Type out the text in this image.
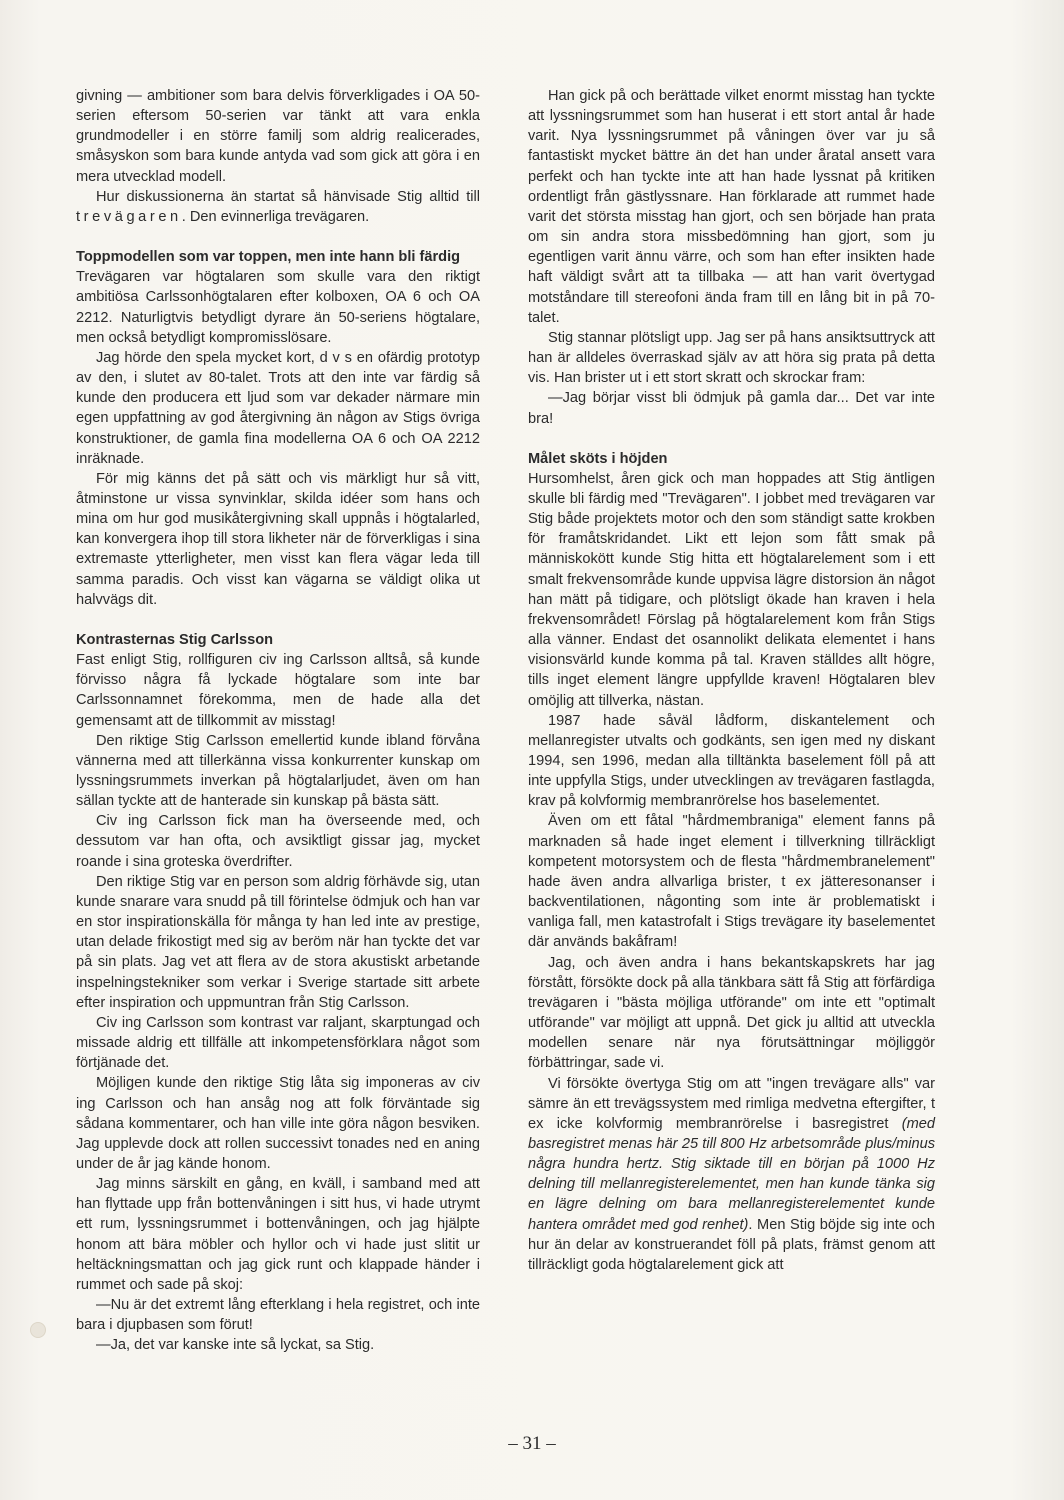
givning — ambitioner som bara delvis förverkligades i OA 50-serien eftersom 50-serien var tänkt att vara enkla grundmodeller i en större familj som aldrig realicerades, småsyskon som bara kunde antyda vad som gick att göra i en mera utvecklad modell.

Hur diskussionerna än startat så hänvisade Stig alltid till trevägaren. Den evinnerliga trevägaren.

Toppmodellen som var toppen, men inte hann bli färdig

Trevägaren var högtalaren som skulle vara den riktigt ambitiösa Carlssonhögtalaren efter kolboxen, OA 6 och OA 2212. Naturligtvis betydligt dyrare än 50-seriens högtalare, men också betydligt kompromisslösare.

Jag hörde den spela mycket kort, d v s en ofärdig prototyp av den, i slutet av 80-talet. Trots att den inte var färdig så kunde den producera ett ljud som var dekader närmare min egen uppfattning av god återgivning än någon av Stigs övriga konstruktioner, de gamla fina modellerna OA 6 och OA 2212 inräknade.

För mig känns det på sätt och vis märkligt hur så vitt, åtminstone ur vissa synvinklar, skilda idéer som hans och mina om hur god musikåtergivning skall uppnås i högtalarled, kan konvergera ihop till stora likheter när de förverkligas i sina extremaste ytterligheter, men visst kan flera vägar leda till samma paradis. Och visst kan vägarna se väldigt olika ut halvvägs dit.

Kontrasternas Stig Carlsson

Fast enligt Stig, rollfiguren civ ing Carlsson alltså, så kunde förvisso några få lyckade högtalare som inte bar Carlssonnamnet förekomma, men de hade alla det gemensamt att de tillkommit av misstag!

Den riktige Stig Carlsson emellertid kunde ibland förvåna vännerna med att tillerkänna vissa konkurrenter kunskap om lyssningsrummets inverkan på högtalarljudet, även om han sällan tyckte att de hanterade sin kunskap på bästa sätt.

Civ ing Carlsson fick man ha överseende med, och dessutom var han ofta, och avsiktligt gissar jag, mycket roande i sina groteska överdrifter.

Den riktige Stig var en person som aldrig förhävde sig, utan kunde snarare vara snudd på till förintelse ödmjuk och han var en stor inspirationskälla för många ty han led inte av prestige, utan delade frikostigt med sig av beröm när han tyckte det var på sin plats. Jag vet att flera av de stora akustiskt arbetande inspelningstekniker som verkar i Sverige startade sitt arbete efter inspiration och uppmuntran från Stig Carlsson.

Civ ing Carlsson som kontrast var raljant, skarptungad och missade aldrig ett tillfälle att inkompetensförklara något som förtjänade det.

Möjligen kunde den riktige Stig låta sig imponeras av civ ing Carlsson och han ansåg nog att folk förväntade sig sådana kommentarer, och han ville inte göra någon besviken. Jag upplevde dock att rollen successivt tonades ned en aning under de år jag kände honom.

Jag minns särskilt en gång, en kväll, i samband med att han flyttade upp från bottenvåningen i sitt hus, vi hade utrymt ett rum, lyssningsrummet i bottenvåningen, och jag hjälpte honom att bära möbler och hyllor och vi hade just slitit ur heltäckningsmattan och jag gick runt och klappade händer i rummet och sade på skoj:

—Nu är det extremt lång efterklang i hela registret, och inte bara i djupbasen som förut!

—Ja, det var kanske inte så lyckat, sa Stig.

Han gick på och berättade vilket enormt misstag han tyckte att lyssningsrummet som han huserat i ett stort antal år hade varit. Nya lyssningsrummet på våningen över var ju så fantastiskt mycket bättre än det han under åratal ansett vara perfekt och han tyckte inte att han hade lyssnat på kritiken ordentligt från gästlyssnare. Han förklarade att rummet hade varit det största misstag han gjort, och sen började han prata om sin andra stora missbedömning han gjort, som ju egentligen varit ännu värre, och som han efter insikten hade haft väldigt svårt att ta tillbaka — att han varit övertygad motståndare till stereofoni ända fram till en lång bit in på 70-talet.

Stig stannar plötsligt upp. Jag ser på hans ansiktsuttryck att han är alldeles överraskad själv av att höra sig prata på detta vis. Han brister ut i ett stort skratt och skrockar fram:

—Jag börjar visst bli ödmjuk på gamla dar... Det var inte bra!

Målet sköts i höjden

Hursomhelst, åren gick och man hoppades att Stig äntligen skulle bli färdig med "Trevägaren". I jobbet med trevägaren var Stig både projektets motor och den som ständigt satte krokben för framåtskridandet. Likt ett lejon som fått smak på människokött kunde Stig hitta ett högtalarelement som i ett smalt frekvensområde kunde uppvisa lägre distorsion än något han mätt på tidigare, och plötsligt ökade han kraven i hela frekvensområdet! Förslag på högtalarelement kom från Stigs alla vänner. Endast det osannolikt delikata elementet i hans visionsvärld kunde komma på tal. Kraven ställdes allt högre, tills inget element längre uppfyllde kraven! Högtalaren blev omöjlig att tillverka, nästan.

1987 hade såväl lådform, diskantelement och mellanregister utvalts och godkänts, sen igen med ny diskant 1994, sen 1996, medan alla tilltänkta baselement föll på att inte uppfylla Stigs, under utvecklingen av trevägaren fastlagda, krav på kolvformig membranrörelse hos baselementet.

Även om ett fåtal "hårdmembraniga" element fanns på marknaden så hade inget element i tillverkning tillräckligt kompetent motorsystem och de flesta "hårdmembranelement" hade även andra allvarliga brister, t ex jätteresonanser i backventilationen, någonting som inte är problematiskt i vanliga fall, men katastrofalt i Stigs trevägare ity baselementet där används bakåfram!

Jag, och även andra i hans bekantskapskrets har jag förstått, försökte dock på alla tänkbara sätt få Stig att förfärdiga trevägaren i "bästa möjliga utförande" om inte ett "optimalt utförande" var möjligt att uppnå. Det gick ju alltid att utveckla modellen senare när nya förutsättningar möjliggör förbättringar, sade vi.

Vi försökte övertyga Stig om att "ingen trevägare alls" var sämre än ett trevägssystem med rimliga medvetna eftergifter, t ex icke kolvformig membranrörelse i basregistret (med basregistret menas här 25 till 800 Hz arbetsområde plus/minus några hundra hertz. Stig siktade till en början på 1000 Hz delning till mellanregisterelementet, men han kunde tänka sig en lägre delning om bara mellanregisterelementet kunde hantera området med god renhet). Men Stig böjde sig inte och hur än delar av konstruerandet föll på plats, främst genom att tillräckligt goda högtalarelement gick att

– 31 –
